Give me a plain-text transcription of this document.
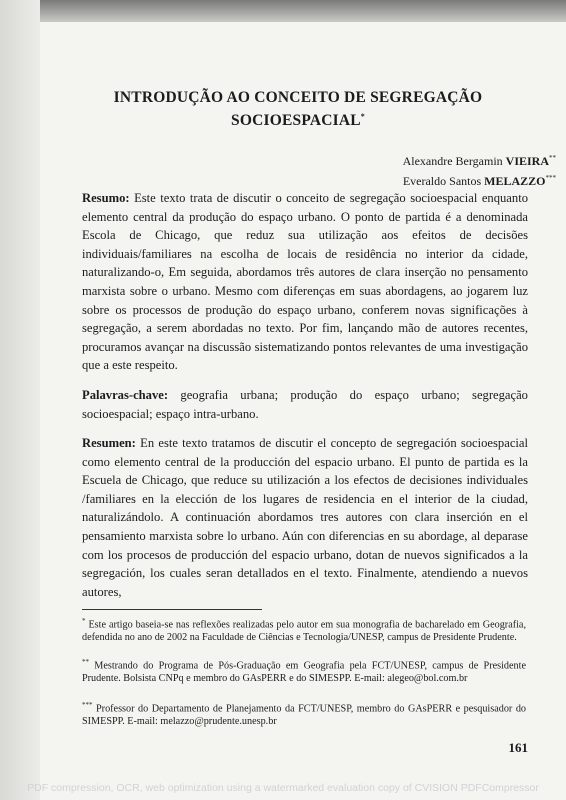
INTRODUÇÃO AO CONCEITO DE SEGREGAÇÃO
SOCIOESPACIAL*
Alexandre Bergamin VIEIRA**
Everaldo Santos MELAZZO***
Resumo: Este texto trata de discutir o conceito de segregação socioespacial enquanto elemento central da produção do espaço urbano. O ponto de partida é a denominada Escola de Chicago, que reduz sua utilização aos efeitos de decisões individuais/familiares na escolha de locais de residência no interior da cidade, naturalizando-o, Em seguida, abordamos três autores de clara inserção no pensamento marxista sobre o urbano. Mesmo com diferenças em suas abordagens, ao jogarem luz sobre os processos de produção do espaço urbano, conferem novas significações à segregação, a serem abordadas no texto. Por fim, lançando mão de autores recentes, procuramos avançar na discussão sistematizando pontos relevantes de uma investigação que a este respeito.
Palavras-chave: geografia urbana; produção do espaço urbano; segregação socioespacial; espaço intra-urbano.
Resumen: En este texto tratamos de discutir el concepto de segregación socioespacial como elemento central de la producción del espacio urbano. El punto de partida es la Escuela de Chicago, que reduce su utilización a los efectos de decisiones individuales /familiares en la elección de los lugares de residencia en el interior de la ciudad, naturalizándolo. A continuación abordamos tres autores con clara inserción en el pensamiento marxista sobre lo urbano. Aún con diferencias en su abordage, al deparase com los procesos de producción del espacio urbano, dotan de nuevos significados a la segregación, los cuales seran detallados en el texto. Finalmente, atendiendo a nuevos autores,
* Este artigo baseia-se nas reflexões realizadas pelo autor em sua monografia de bacharelado em Geografia, defendida no ano de 2002 na Faculdade de Ciências e Tecnologia/UNESP, campus de Presidente Prudente.
** Mestrando do Programa de Pós-Graduação em Geografia pela FCT/UNESP, campus de Presidente Prudente. Bolsista CNPq e membro do GAsPERR e do SIMESPP. E-mail: alegeo@bol.com.br
*** Professor do Departamento de Planejamento da FCT/UNESP, membro do GAsPERR e pesquisador do SIMESPP. E-mail: melazzo@prudente.unesp.br
161
PDF compression, OCR, web optimization using a watermarked evaluation copy of CVISION PDFCompressor
